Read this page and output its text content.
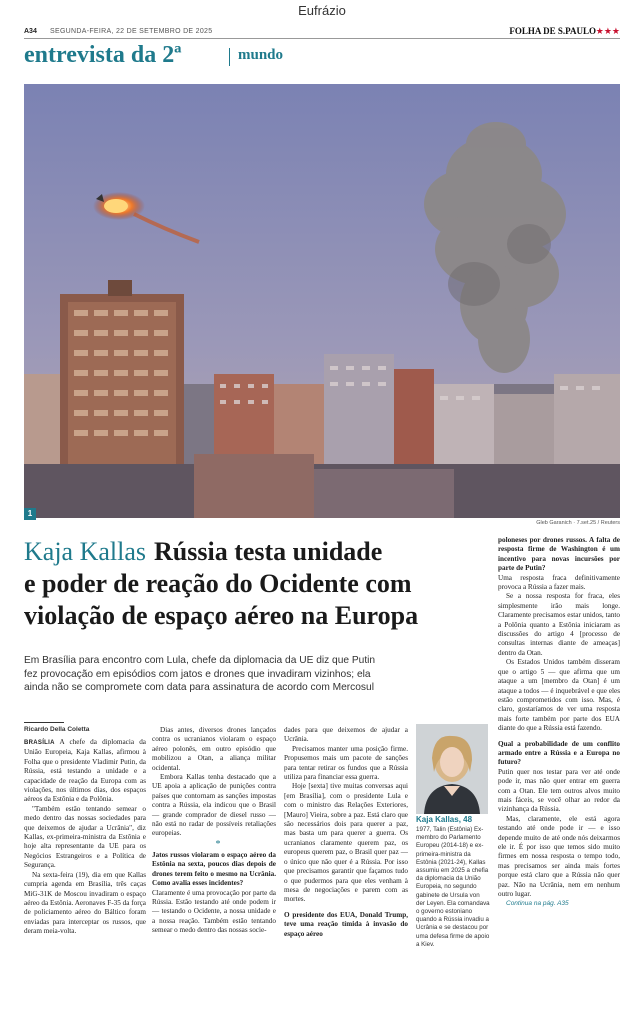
Eufrázio
A34 SEGUNDA-FEIRA, 22 DE SETEMBRO DE 2025	FOLHA DE S.PAULO ★★★
entrevista da 2ª	mundo
1
Gleb Garanich · 7.set.25 / Reuters
Kaja Kallas Rússia testa unidade
e poder de reação do Ocidente com
violação de espaço aéreo na Europa
Em Brasília para encontro com Lula, chefe da diplomacia da UE diz que Putin
fez provocação em episódios com jatos e drones que invadiram vizinhos; ela
ainda não se compromete com data para assinatura de acordo com Mercosul
Ricardo Della Coletta

BRASÍLIA A chefe da diplomacia da União Europeia, Kaja Kallas, afirmou à Folha que o presidente Vladimir Putin, da Rússia, está testando a unidade e a capacidade de reação da Europa com as violações, nos últimos dias, dos espaços aéreos da Estônia e da Polônia.

"Também estão tentando semear o medo dentro das nossas sociedades para que deixemos de ajudar a Ucrânia", diz Kallas, ex-primeira-ministra da Estônia e hoje alta representante da UE para os Negócios Estrangeiros e a Política de Segurança.

Na sexta-feira (19), dia em que Kallas cumpria agenda em Brasília, três caças MiG-31K de Moscou invadiram o espaço aéreo da Estônia. Aeronaves F-35 da força de policiamento aéreo do Báltico foram enviadas para interceptar os russos, que deram meia-volta.

Dias antes, diversos drones lançados contra os ucranianos violaram o espaço aéreo polonês, em outro episódio que mobilizou a Otan, a aliança militar ocidental.

Embora Kallas tenha destacado que a UE apoia a aplicação de punições contra países que contornam as sanções impostas contra a Rússia, ela indicou que o Brasil — grande comprador de diesel russo — não está no radar de possíveis retaliações europeias.

*

Jatos russos violaram o espaço aéreo da Estônia na sexta, poucos dias depois de drones terem feito o mesmo na Ucrânia. Como avalia esses incidentes?

Claramente é uma provocação por parte da Rússia. Estão testando até onde podem ir — testando o Ocidente, a nossa unidade e a nossa reação. Também estão tentando semear o medo dentro das nossas socie-

dades para que deixemos de ajudar a Ucrânia.

Precisamos manter uma posição firme. Propusemos mais um pacote de sanções para tentar retirar os fundos que a Rússia utiliza para financiar essa guerra.

Hoje [sexta] tive muitas conversas aqui [em Brasília], com o presidente Lula e com o ministro das Relações Exteriores, [Mauro] Vieira, sobre a paz. Está claro que são necessários dois para querer a paz, mas basta um para querer a guerra. Os ucranianos claramente querem paz, os europeus querem paz, o Brasil quer paz — o único que não quer é a Rússia. Por isso que precisamos garantir que façamos tudo o que pudermos para que eles venham à mesa de negociações e parem com as mortes.

O presidente dos EUA, Donald Trump, teve uma reação tímida à invasão do espaço aéreo

Kaja Kallas, 48
1977, Talin (Estônia) Ex-membro do Parlamento Europeu (2014-18) e ex-primeira-ministra da Estônia (2021-24), Kallas assumiu em 2025 a chefia da diplomacia da União Europeia, no segundo gabinete de Ursula von der Leyen. Ela comandava o governo estoniano quando a Rússia invadiu a Ucrânia e se destacou por uma defesa firme de apoio a Kiev.

poloneses por drones russos. A falta de resposta firme de Washington é um incentivo para novas incursões por parte de Putin?

Uma resposta fraca definitivamente provoca a Rússia a fazer mais.

Se a nossa resposta for fraca, eles simplesmente irão mais longe. Claramente precisamos estar unidos, tanto a Polônia quanto a Estônia iniciaram as discussões do artigo 4 [processo de consultas internas diante de ameaças] dentro da Otan.

Os Estados Unidos também disseram que o artigo 5 — que afirma que um ataque a um [membro da Otan] é um ataque a todos — é inquebrável e que eles estão comprometidos com isso. Mas, é claro, gostaríamos de ver uma resposta mais forte também por parte dos EUA diante do que a Rússia está fazendo.

Qual a probabilidade de um conflito armado entre a Rússia e a Europa no futuro?

Putin quer nos testar para ver até onde pode ir, mas não quer entrar em guerra com a Otan. Ele tem outros alvos muito mais fáceis, se você olhar ao redor da vizinhança da Rússia.

Mas, claramente, ele está agora testando até onde pode ir — e isso depende muito de até onde nós deixarmos ele ir. É por isso que temos sido muito firmes em nossa resposta o tempo todo, mas precisamos ser ainda mais fortes porque está claro que a Rússia não quer paz. Não na Ucrânia, nem em nenhum outro lugar.

Continua na pág. A35
